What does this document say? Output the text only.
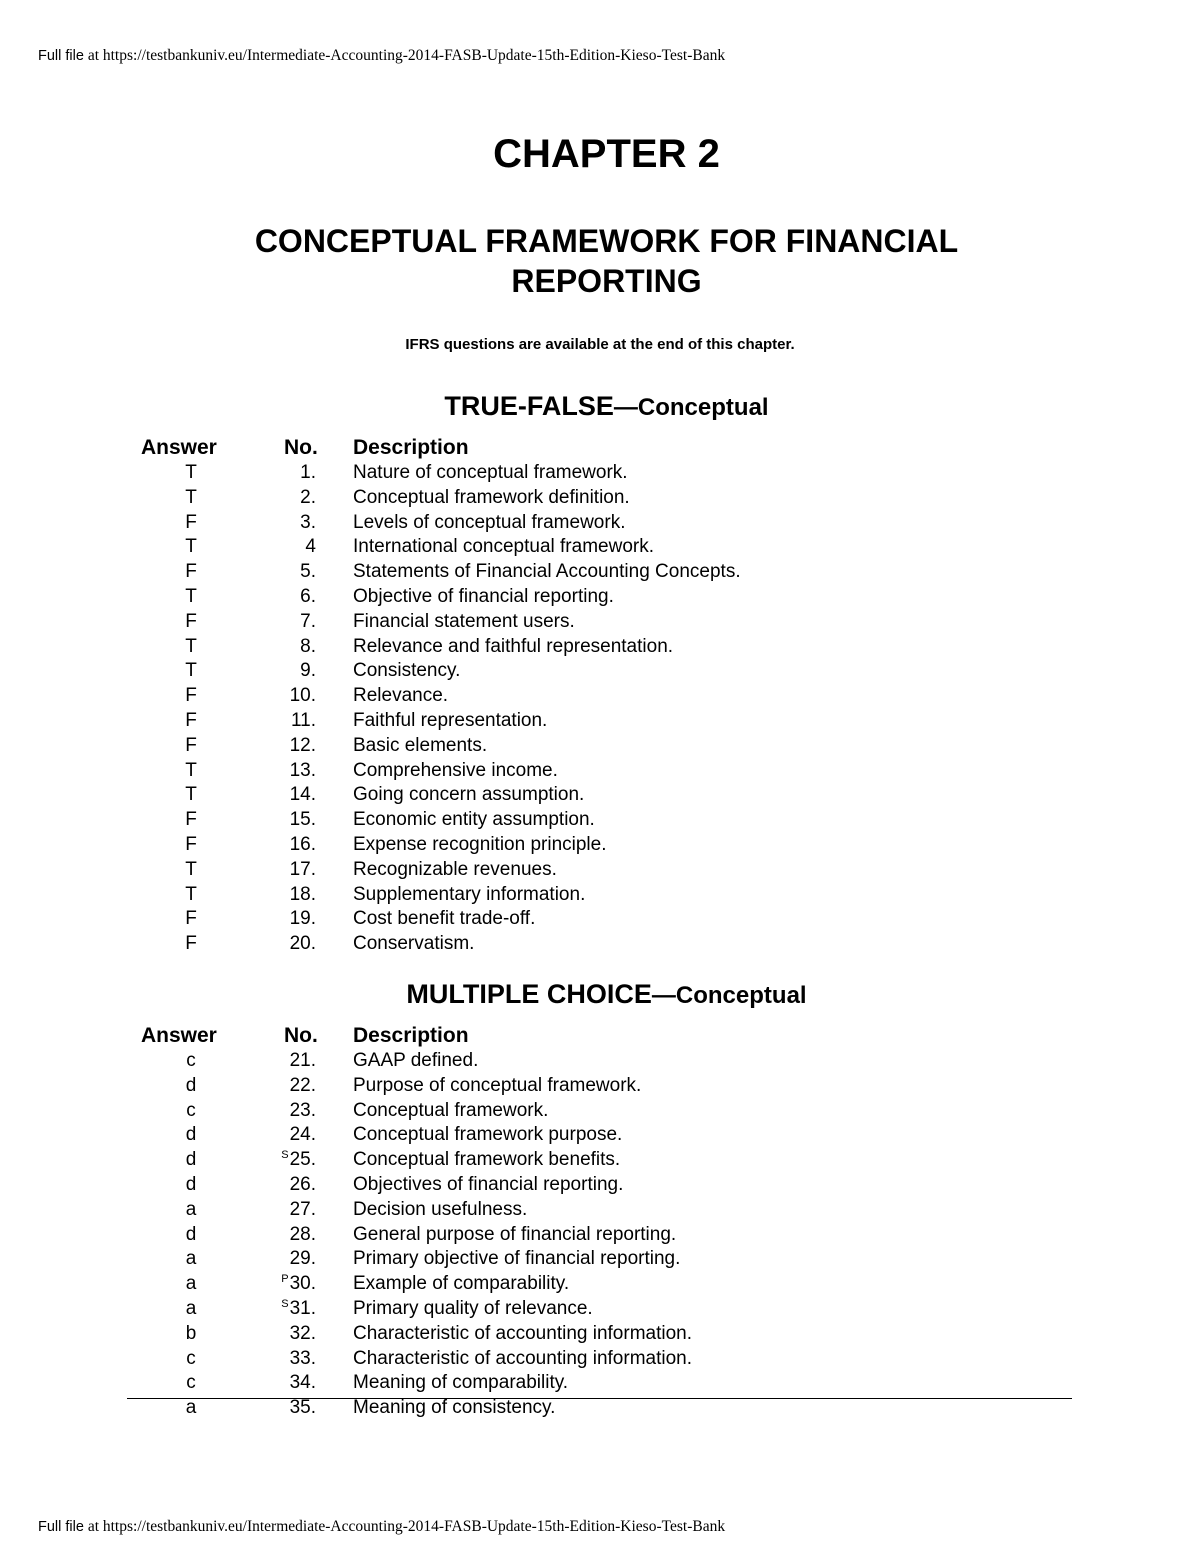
Full file at https://testbankuniv.eu/Intermediate-Accounting-2014-FASB-Update-15th-Edition-Kieso-Test-Bank
CHAPTER 2
CONCEPTUAL FRAMEWORK FOR FINANCIAL
REPORTING
IFRS questions are available at the end of this chapter.
TRUE-FALSE—Conceptual
Answer	No. Description
T	1. Nature of conceptual framework.
T	2. Conceptual framework definition.
F	3. Levels of conceptual framework.
T	4 International conceptual framework.
F	5. Statements of Financial Accounting Concepts.
T	6. Objective of financial reporting.
F	7. Financial statement users.
T	8. Relevance and faithful representation.
T	9. Consistency.
F	10. Relevance.
F	11. Faithful representation.
F	12. Basic elements.
T	13. Comprehensive income.
T	14. Going concern assumption.
F	15. Economic entity assumption.
F	16. Expense recognition principle.
T	17. Recognizable revenues.
T	18. Supplementary information.
F	19. Cost benefit trade-off.
F	20. Conservatism.
MULTIPLE CHOICE—Conceptual
Answer	No. Description
c	21. GAAP defined.
d	22. Purpose of conceptual framework.
c	23. Conceptual framework.
d	24. Conceptual framework purpose.
d	$^S$25. Conceptual framework benefits.
d	26. Objectives of financial reporting.
a	27. Decision usefulness.
d	28. General purpose of financial reporting.
a	29. Primary objective of financial reporting.
a	$^P$30. Example of comparability.
a	$^S$31. Primary quality of relevance.
b	32. Characteristic of accounting information.
c	33. Characteristic of accounting information.
c	34. Meaning of comparability.
a	35. Meaning of consistency.
Full file at https://testbankuniv.eu/Intermediate-Accounting-2014-FASB-Update-15th-Edition-Kieso-Test-Bank
